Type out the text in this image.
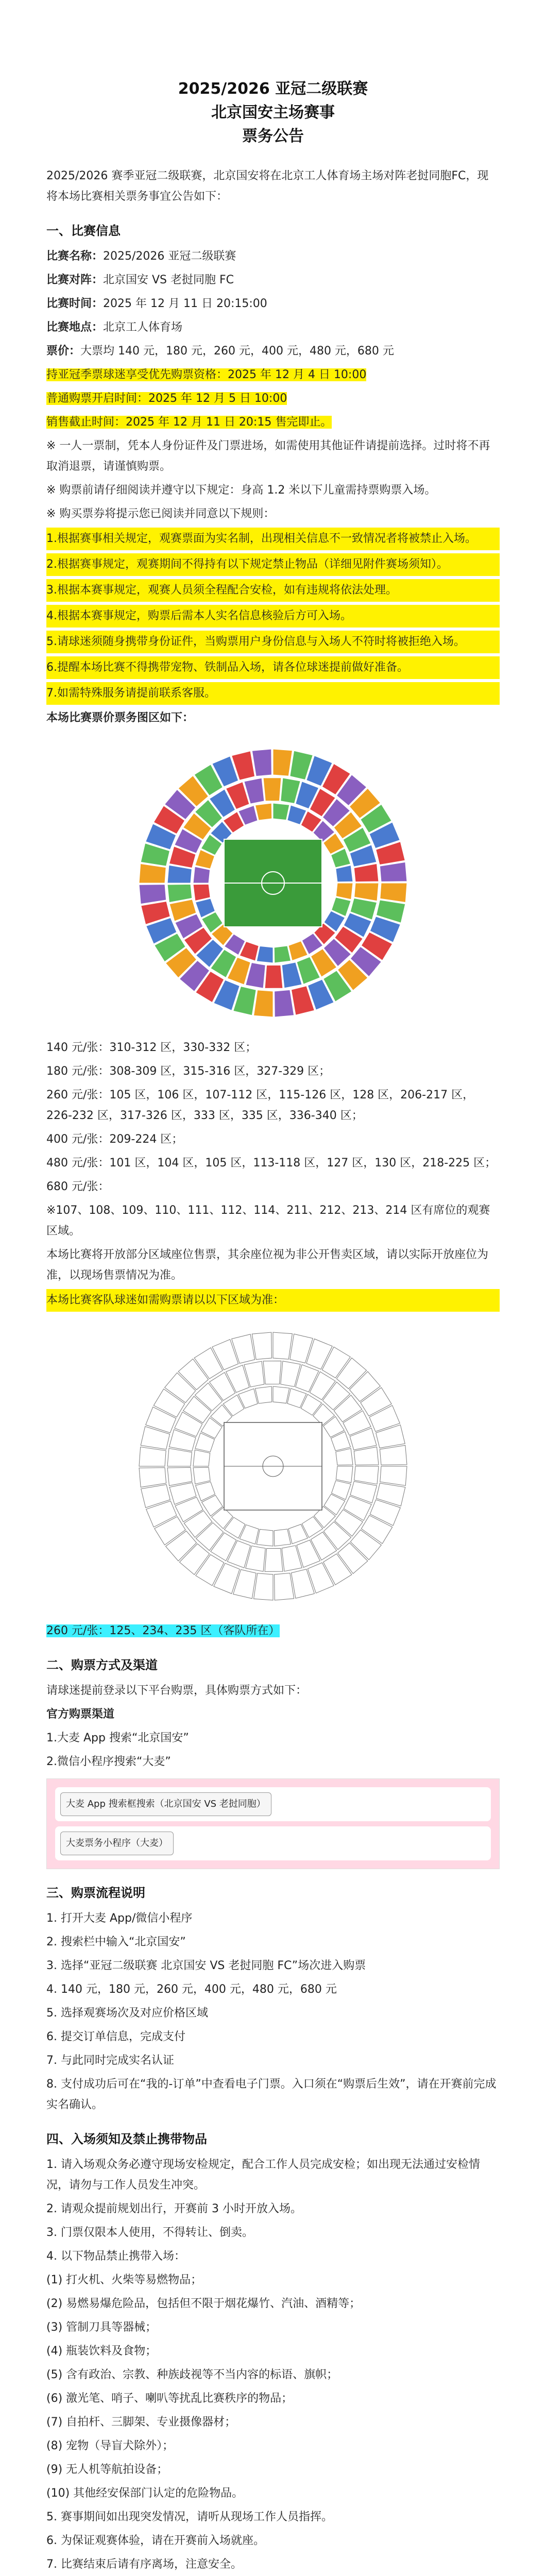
2025/2026 亚冠二级联赛

北京国安主场赛事

票务公告

2025/2026 赛季亚冠二级联赛，北京国安将在北京工人体育场主场对阵老挝同胞FC，现将本场比赛相关票务事宜公告如下：

一、比赛信息

比赛名称：2025/2026 亚冠二级联赛

比赛对阵：北京国安 VS 老挝同胞 FC

比赛时间：2025 年 12 月 11 日 20:15:00

比赛地点：北京工人体育场

票价：大票均 140 元，180 元，260 元，400 元，480 元，680 元

持亚冠季票球迷享受优先购票资格：2025 年 12 月 4 日 10:00

普通购票开启时间：2025 年 12 月 5 日 10:00

销售截止时间：2025 年 12 月 11 日 20:15 售完即止。

※ 一人一票制，凭本人身份证件及门票进场，如需使用其他证件请提前选择。过时将不再取消退票，请谨慎购票。

※ 购票前请仔细阅读并遵守以下规定：身高 1.2 米以下儿童需持票购票入场。

※ 购买票券将提示您已阅读并同意以下规则：

1.根据赛事相关规定，观赛票面为实名制，出现相关信息不一致情况者将被禁止入场。

2.根据赛事规定，观赛期间不得持有以下规定禁止物品（详细见附件赛场须知）。

3.根据本赛事规定，观赛人员须全程配合安检，如有违规将依法处理。

4.根据本赛事规定，购票后需本人实名信息核验后方可入场。

5.请球迷须随身携带身份证件，当购票用户身份信息与入场人不符时将被拒绝入场。

6.提醒本场比赛不得携带宠物、铁制品入场，请各位球迷提前做好准备。

7.如需特殊服务请提前联系客服。

本场比赛票价票务图区如下：

140 元/张：310-312 区，330-332 区；

180 元/张：308-309 区，315-316 区，327-329 区；

260 元/张：105 区，106 区，107-112 区，115-126 区，128 区，206-217 区，226-232 区，317-326 区，333 区，335 区，336-340 区；

400 元/张：209-224 区；

480 元/张：101 区，104 区，105 区，113-118 区，127 区，130 区，218-225 区；

680 元/张：

※107、108、109、110、111、112、114、211、212、213、214 区有席位的观赛区域。

本场比赛将开放部分区域座位售票，其余座位视为非公开售卖区域，请以实际开放座位为准，以现场售票情况为准。

本场比赛客队球迷如需购票请以以下区域为准：

260 元/张：125、234、235 区（客队所在）

二、购票方式及渠道

请球迷提前登录以下平台购票，具体购票方式如下：

官方购票渠道

1.大麦 App 搜索“北京国安”

2.微信小程序搜索“大麦”

大麦 App 搜索框搜索（北京国安 VS 老挝同胞）
大麦票务小程序（大麦）
三、购票流程说明

1. 打开大麦 App/微信小程序

2. 搜索栏中输入“北京国安”

3. 选择“亚冠二级联赛 北京国安 VS 老挝同胞 FC”场次进入购票

4. 140 元，180 元，260 元，400 元，480 元，680 元

5. 选择观赛场次及对应价格区域

6. 提交订单信息，完成支付

7. 与此同时完成实名认证

8. 支付成功后可在“我的-订单”中查看电子门票。入口须在“购票后生效”，请在开赛前完成实名确认。

四、入场须知及禁止携带物品

1. 请入场观众务必遵守现场安检规定，配合工作人员完成安检；如出现无法通过安检情况，请勿与工作人员发生冲突。

2. 请观众提前规划出行，开赛前 3 小时开放入场。

3. 门票仅限本人使用，不得转让、倒卖。

4. 以下物品禁止携带入场：

(1) 打火机、火柴等易燃物品；

(2) 易燃易爆危险品，包括但不限于烟花爆竹、汽油、酒精等；

(3) 管制刀具等器械；

(4) 瓶装饮料及食物；

(5) 含有政治、宗教、种族歧视等不当内容的标语、旗帜；

(6) 激光笔、哨子、喇叭等扰乱比赛秩序的物品；

(7) 自拍杆、三脚架、专业摄像器材；

(8) 宠物（导盲犬除外）；

(9) 无人机等航拍设备；

(10) 其他经安保部门认定的危险物品。

5. 赛事期间如出现突发情况，请听从现场工作人员指挥。

6. 为保证观赛体验，请在开赛前入场就座。

7. 比赛结束后请有序离场，注意安全。
